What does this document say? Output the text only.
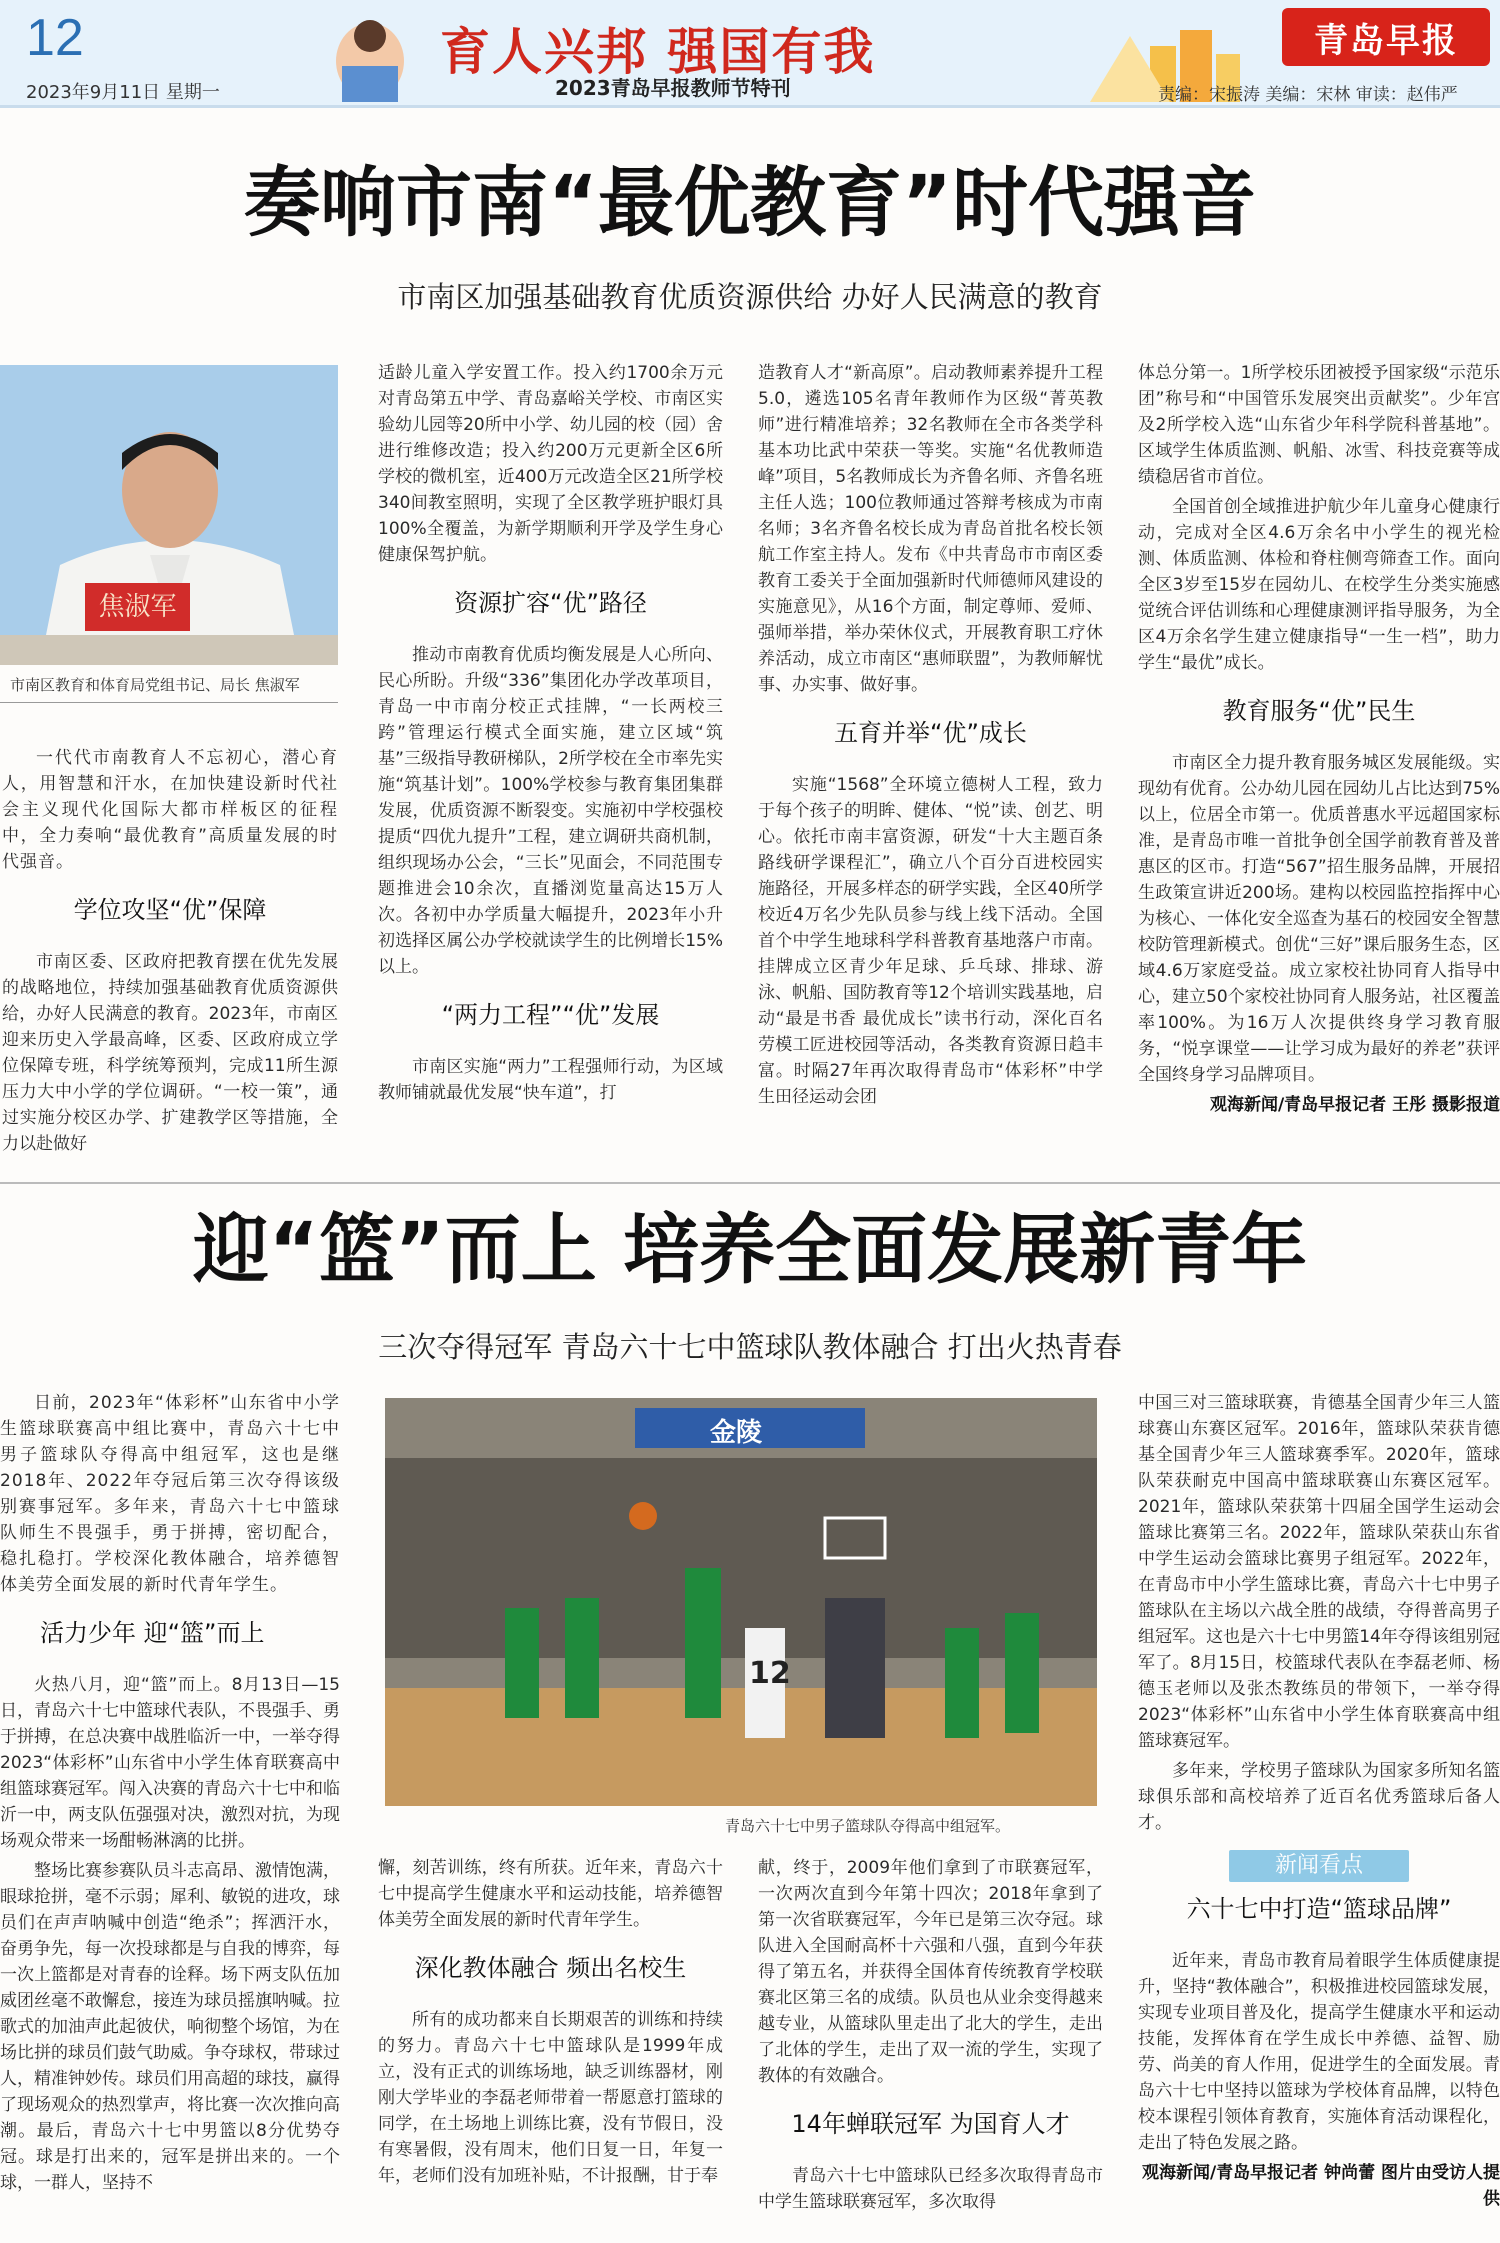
12
2023年9月11日 星期一
育人兴邦 强国有我
2023青岛早报教师节特刊
青岛早报
责编：宋振涛 美编：宋林 审读：赵伟严
奏响市南“最优教育”时代强音
市南区加强基础教育优质资源供给 办好人民满意的教育
焦淑军
市南区教育和体育局党组书记、局长 焦淑军

一代代市南教育人不忘初心，潜心育人，用智慧和汗水，在加快建设新时代社会主义现代化国际大都市样板区的征程中，全力奏响“最优教育”高质量发展的时代强音。

学位攻坚“优”保障

市南区委、区政府把教育摆在优先发展的战略地位，持续加强基础教育优质资源供给，办好人民满意的教育。2023年，市南区迎来历史入学最高峰，区委、区政府成立学位保障专班，科学统筹预判，完成11所生源压力大中小学的学位调研。“一校一策”，通过实施分校区办学、扩建教学区等措施，全力以赴做好

适龄儿童入学安置工作。投入约1700余万元对青岛第五中学、青岛嘉峪关学校、市南区实验幼儿园等20所中小学、幼儿园的校（园）舍进行维修改造；投入约200万元更新全区6所学校的微机室，近400万元改造全区21所学校340间教室照明，实现了全区教学班护眼灯具100%全覆盖，为新学期顺利开学及学生身心健康保驾护航。

资源扩容“优”路径

推动市南教育优质均衡发展是人心所向、民心所盼。升级“336”集团化办学改革项目，青岛一中市南分校正式挂牌，“一长两校三跨”管理运行模式全面实施，建立区域“筑基”三级指导教研梯队，2所学校在全市率先实施“筑基计划”。100%学校参与教育集团集群发展，优质资源不断裂变。实施初中学校强校提质“四优九提升”工程，建立调研共商机制，组织现场办公会，“三长”见面会，不同范围专题推进会10余次，直播浏览量高达15万人次。各初中办学质量大幅提升，2023年小升初选择区属公办学校就读学生的比例增长15%以上。

“两力工程”“优”发展

市南区实施“两力”工程强师行动，为区域教师铺就最优发展“快车道”，打

造教育人才“新高原”。启动教师素养提升工程5.0，遴选105名青年教师作为区级“菁英教师”进行精准培养；32名教师在全市各类学科基本功比武中荣获一等奖。实施“名优教师造峰”项目，5名教师成长为齐鲁名师、齐鲁名班主任人选；100位教师通过答辩考核成为市南名师；3名齐鲁名校长成为青岛首批名校长领航工作室主持人。发布《中共青岛市市南区委教育工委关于全面加强新时代师德师风建设的实施意见》，从16个方面，制定尊师、爱师、强师举措，举办荣休仪式，开展教育职工疗休养活动，成立市南区“惠师联盟”，为教师解忧事、办实事、做好事。

五育并举“优”成长

实施“1568”全环境立德树人工程，致力于每个孩子的明眸、健体、“悦”读、创艺、明心。依托市南丰富资源，研发“十大主题百条路线研学课程汇”，确立八个百分百进校园实施路径，开展多样态的研学实践，全区40所学校近4万名少先队员参与线上线下活动。全国首个中学生地球科学科普教育基地落户市南。挂牌成立区青少年足球、乒乓球、排球、游泳、帆船、国防教育等12个培训实践基地，启动“最是书香 最优成长”读书行动，深化百名劳模工匠进校园等活动，各类教育资源日趋丰富。时隔27年再次取得青岛市“体彩杯”中学生田径运动会团

体总分第一。1所学校乐团被授予国家级“示范乐团”称号和“中国管乐发展突出贡献奖”。少年宫及2所学校入选“山东省少年科学院科普基地”。区域学生体质监测、帆船、冰雪、科技竞赛等成绩稳居省市首位。

全国首创全域推进护航少年儿童身心健康行动，完成对全区4.6万余名中小学生的视光检测、体质监测、体检和脊柱侧弯筛查工作。面向全区3岁至15岁在园幼儿、在校学生分类实施感觉统合评估训练和心理健康测评指导服务，为全区4万余名学生建立健康指导“一生一档”，助力学生“最优”成长。

教育服务“优”民生

市南区全力提升教育服务城区发展能级。实现幼有优育。公办幼儿园在园幼儿占比达到75%以上，位居全市第一。优质普惠水平远超国家标准，是青岛市唯一首批争创全国学前教育普及普惠区的区市。打造“567”招生服务品牌，开展招生政策宣讲近200场。建构以校园监控指挥中心为核心、一体化安全巡查为基石的校园安全智慧校防管理新模式。创优“三好”课后服务生态，区域4.6万家庭受益。成立家校社协同育人指导中心，建立50个家校社协同育人服务站，社区覆盖率100%。为16万人次提供终身学习教育服务，“悦享课堂——让学习成为最好的养老”获评全国终身学习品牌项目。

观海新闻/青岛早报记者 王彤 摄影报道
迎“篮”而上 培养全面发展新青年
三次夺得冠军 青岛六十七中篮球队教体融合 打出火热青春
金陵
12
青岛六十七中男子篮球队夺得高中组冠军。

日前，2023年“体彩杯”山东省中小学生篮球联赛高中组比赛中，青岛六十七中男子篮球队夺得高中组冠军，这也是继2018年、2022年夺冠后第三次夺得该级别赛事冠军。多年来，青岛六十七中篮球队师生不畏强手，勇于拼搏，密切配合，稳扎稳打。学校深化教体融合，培养德智体美劳全面发展的新时代青年学生。

活力少年 迎“篮”而上

火热八月，迎“篮”而上。8月13日—15日，青岛六十七中篮球代表队，不畏强手、勇于拼搏，在总决赛中战胜临沂一中，一举夺得2023“体彩杯”山东省中小学生体育联赛高中组篮球赛冠军。闯入决赛的青岛六十七中和临沂一中，两支队伍强强对决，激烈对抗，为现场观众带来一场酣畅淋漓的比拼。

整场比赛参赛队员斗志高昂、激情饱满，眼球抢拼，毫不示弱；犀利、敏锐的进攻，球员们在声声呐喊中创造“绝杀”；挥洒汗水，奋勇争先，每一次投球都是与自我的博弈，每一次上篮都是对青春的诠释。场下两支队伍加威团丝毫不敢懈怠，接连为球员摇旗呐喊。拉歌式的加油声此起彼伏，响彻整个场馆，为在场比拼的球员们鼓气助威。争夺球权，带球过人，精准钟妙传。球员们用高超的球技，赢得了现场观众的热烈掌声，将比赛一次次推向高潮。最后，青岛六十七中男篮以8分优势夺冠。球是打出来的，冠军是拼出来的。一个球，一群人，坚持不

懈，刻苦训练，终有所获。近年来，青岛六十七中提高学生健康水平和运动技能，培养德智体美劳全面发展的新时代青年学生。

深化教体融合 频出名校生

所有的成功都来自长期艰苦的训练和持续的努力。青岛六十七中篮球队是1999年成立，没有正式的训练场地，缺乏训练器材，刚刚大学毕业的李磊老师带着一帮愿意打篮球的同学，在土场地上训练比赛，没有节假日，没有寒暑假，没有周末，他们日复一日，年复一年，老师们没有加班补贴，不计报酬，甘于奉

献，终于，2009年他们拿到了市联赛冠军，一次两次直到今年第十四次；2018年拿到了第一次省联赛冠军，今年已是第三次夺冠。球队进入全国耐高杯十六强和八强，直到今年获得了第五名，并获得全国体育传统教育学校联赛北区第三名的成绩。队员也从业余变得越来越专业，从篮球队里走出了北大的学生，走出了北体的学生，走出了双一流的学生，实现了教体的有效融合。

14年蝉联冠军 为国育人才

青岛六十七中篮球队已经多次取得青岛市中学生篮球联赛冠军，多次取得

中国三对三篮球联赛，肯德基全国青少年三人篮球赛山东赛区冠军。2016年，篮球队荣获肯德基全国青少年三人篮球赛季军。2020年，篮球队荣获耐克中国高中篮球联赛山东赛区冠军。2021年，篮球队荣获第十四届全国学生运动会篮球比赛第三名。2022年，篮球队荣获山东省中学生运动会篮球比赛男子组冠军。2022年，在青岛市中小学生篮球比赛，青岛六十七中男子篮球队在主场以六战全胜的战绩，夺得普高男子组冠军。这也是六十七中男篮14年夺得该组别冠军了。8月15日，校篮球代表队在李磊老师、杨德玉老师以及张杰教练员的带领下，一举夺得2023“体彩杯”山东省中小学生体育联赛高中组篮球赛冠军。

多年来，学校男子篮球队为国家多所知名篮球俱乐部和高校培养了近百名优秀篮球后备人才。

新闻看点
六十七中打造“篮球品牌”

近年来，青岛市教育局着眼学生体质健康提升，坚持“教体融合”，积极推进校园篮球发展，实现专业项目普及化，提高学生健康水平和运动技能，发挥体育在学生成长中养德、益智、励劳、尚美的育人作用，促进学生的全面发展。青岛六十七中坚持以篮球为学校体育品牌，以特色校本课程引领体育教育，实施体育活动课程化，走出了特色发展之路。

观海新闻/青岛早报记者 钟尚蕾 图片由受访人提供
